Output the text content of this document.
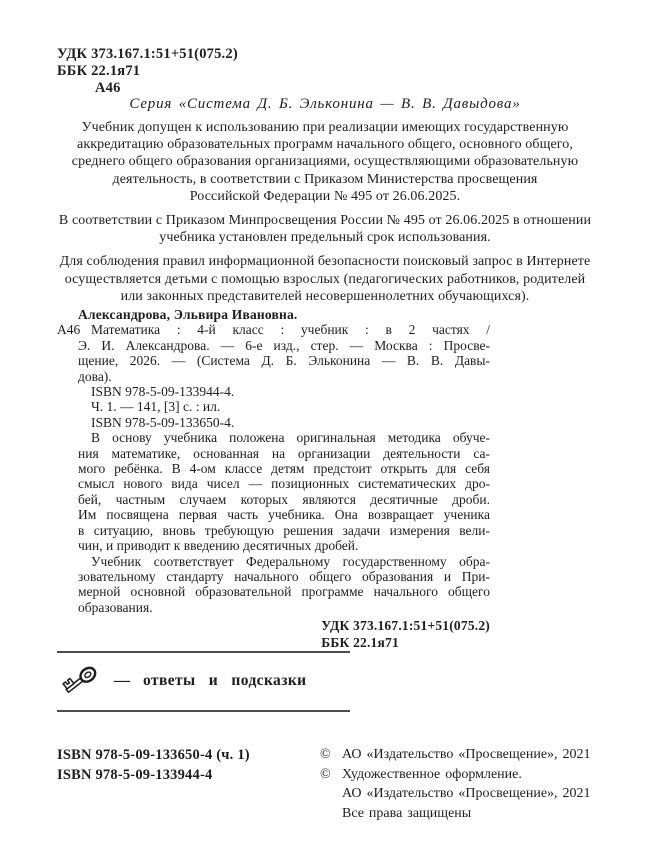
УДК 373.167.1:51+51(075.2)
ББК 22.1я71
А46
Серия «Система Д. Б. Эльконина — В. В. Давыдова»
Учебник допущен к использованию при реализации имеющих государственную
аккредитацию образовательных программ начального общего, основного общего,
среднего общего образования организациями, осуществляющими образовательную
деятельность, в соответствии с Приказом Министерства просвещения
Российской Федерации № 495 от 26.06.2025.
В соответствии с Приказом Минпросвещения России № 495 от 26.06.2025 в отношении
учебника установлен предельный срок использования.
Для соблюдения правил информационной безопасности поисковый запрос в Интернете
осуществляется детьми с помощью взрослых (педагогических работников, родителей
или законных представителей несовершеннолетних обучающихся).
А46
Александрова, Эльвира Ивановна.
Математика : 4-й класс : учебник : в 2 частях /
Э. И. Александрова. — 6-е изд., стер. — Москва : Просве-
щение, 2026. — (Система Д. Б. Эльконина — В. В. Давы-
дова).
ISBN 978-5-09-133944-4.
Ч. 1. — 141, [3] с. : ил.
ISBN 978-5-09-133650-4.
В основу учебника положена оригинальная методика обуче-
ния математике, основанная на организации деятельности са-
мого ребёнка. В 4-ом классе детям предстоит открыть для себя
смысл нового вида чисел — позиционных систематических дро-
бей, частным случаем которых являются десятичные дроби.
Им посвящена первая часть учебника. Она возвращает ученика
в ситуацию, вновь требующую решения задачи измерения вели-
чин, и приводит к введению десятичных дробей.
Учебник соответствует Федеральному государственному обра-
зовательному стандарту начального общего образования и При-
мерной основной образовательной программе начального общего
образования.
УДК 373.167.1:51+51(075.2)
ББК 22.1я71
— ответы и подсказки
ISBN 978-5-09-133650-4 (ч. 1)
ISBN 978-5-09-133944-4
© АО «Издательство «Просвещение», 2021
© Художественное оформление.
АО «Издательство «Просвещение», 2021
Все права защищены
